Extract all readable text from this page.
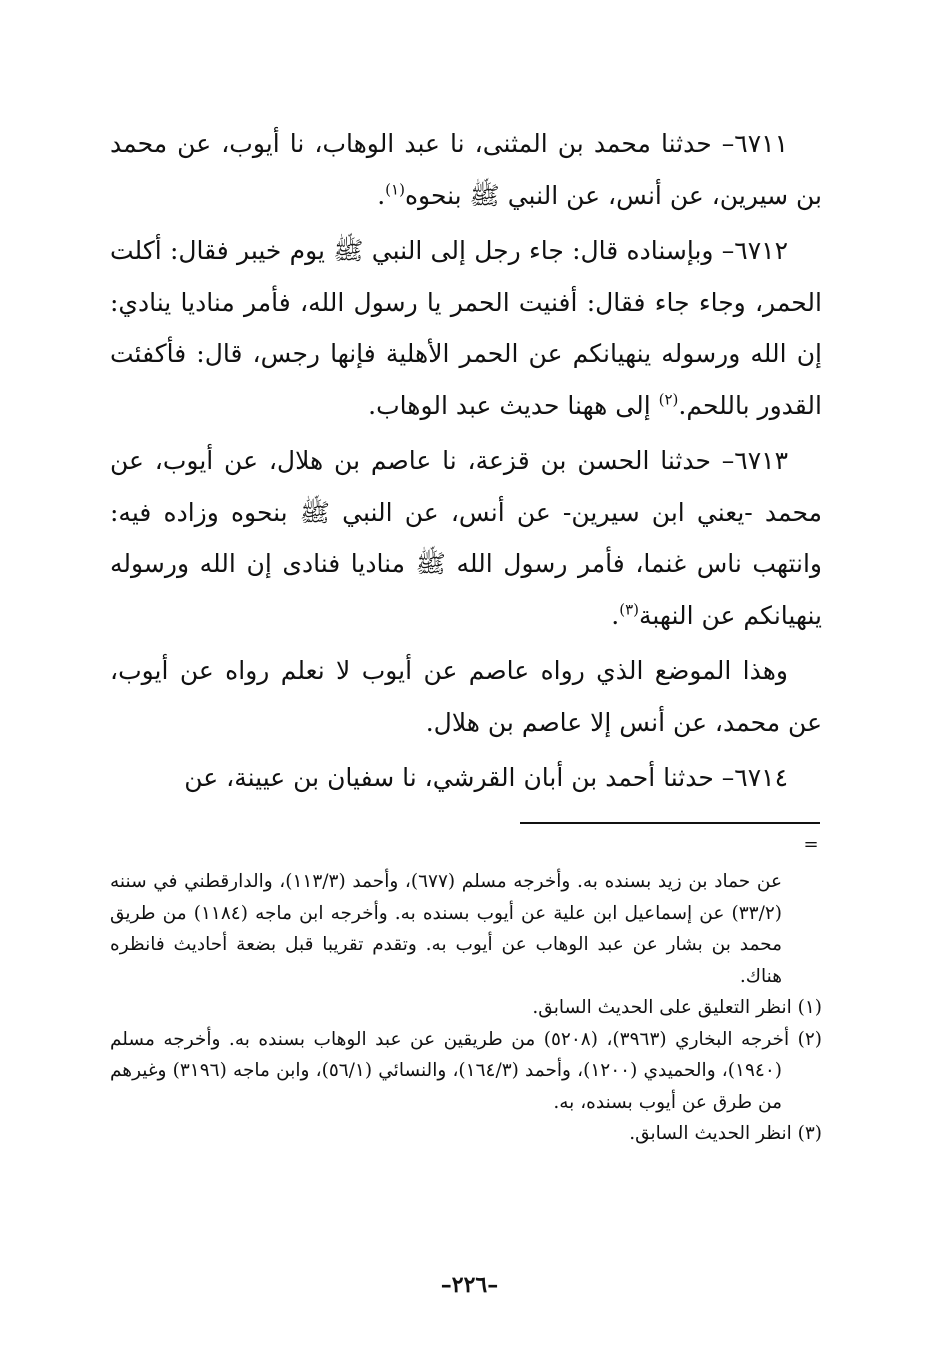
٦٧١١– حدثنا محمد بن المثنى، نا عبد الوهاب، نا أيوب، عن محمد بن سيرين، عن أنس، عن النبي ﷺ بنحوه$^{(١)}$.

٦٧١٢– وبإسناده قال: جاء رجل إلى النبي ﷺ يوم خيبر فقال: أكلت الحمر، وجاء جاء فقال: أفنيت الحمر يا رسول الله، فأمر مناديا ينادي: إن الله ورسوله ينهيانكم عن الحمر الأهلية فإنها رجس، قال: فأكفئت القدور باللحم.$^{(٢)}$ إلى ههنا حديث عبد الوهاب.

٦٧١٣– حدثنا الحسن بن قزعة، نا عاصم بن هلال، عن أيوب، عن محمد -يعني ابن سيرين- عن أنس، عن النبي ﷺ بنحوه وزاده فيه: وانتهب ناس غنما، فأمر رسول الله ﷺ مناديا فنادى إن الله ورسوله ينهيانكم عن النهبة$^{(٣)}$.

وهذا الموضع الذي رواه عاصم عن أيوب لا نعلم رواه عن أيوب، عن محمد، عن أنس إلا عاصم بن هلال.

٦٧١٤– حدثنا أحمد بن أبان القرشي، نا سفيان بن عيينة، عن

=

عن حماد بن زيد بسنده به. وأخرجه مسلم (٦٧٧)، وأحمد (١١٣/٣)، والدارقطني في سننه (٣٣/٢) عن إسماعيل ابن علية عن أيوب بسنده به. وأخرجه ابن ماجه (١١٨٤) من طريق محمد بن بشار عن عبد الوهاب عن أيوب به. وتقدم تقريبا قبل بضعة أحاديث فانظره هناك.

(١) انظر التعليق على الحديث السابق.

(٢) أخرجه البخاري (٣٩٦٣)، (٥٢٠٨) من طريقين عن عبد الوهاب بسنده به. وأخرجه مسلم (١٩٤٠)، والحميدي (١٢٠٠)، وأحمد (١٦٤/٣)، والنسائي (٥٦/١)، وابن ماجه (٣١٩٦) وغيرهم من طرق عن أيوب بسنده، به.

(٣) انظر الحديث السابق.

–٢٢٦–
